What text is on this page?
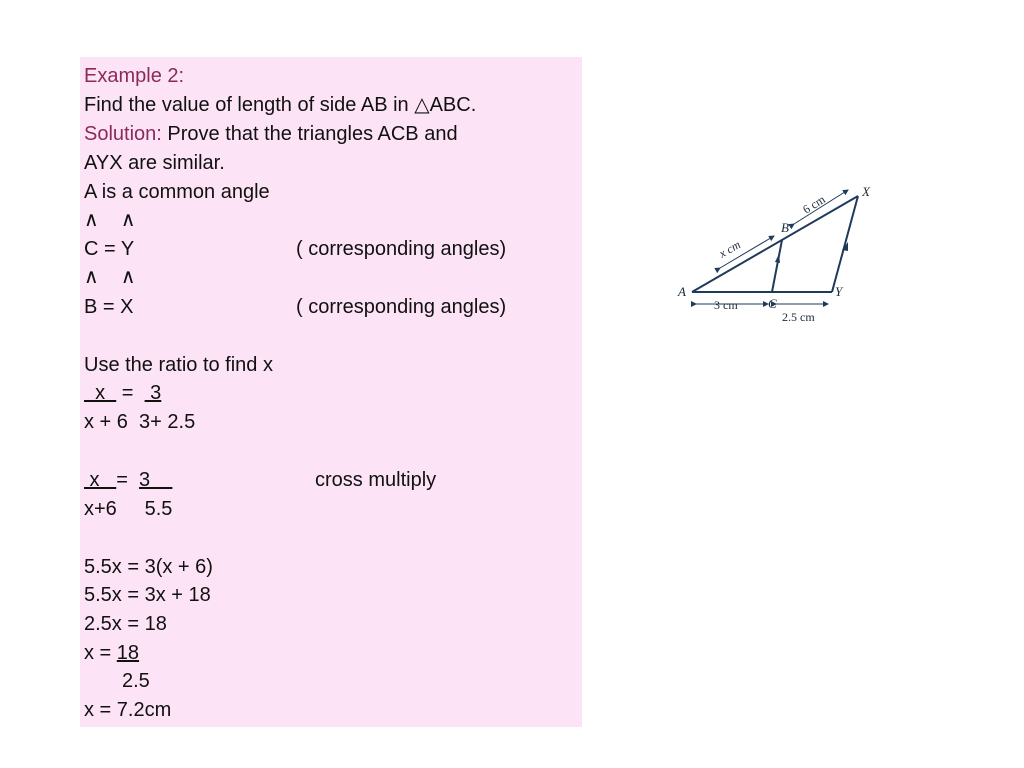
Example 2:
Find the value of length of side AB in △ABC.
Solution: Prove that the triangles ACB and
AYX are similar.
A is a common angle
∧    ∧
C = Y	( corresponding angles)
∧    ∧
B = X	( corresponding angles)
Use the ratio to find x
x   =   3
x + 6  3+ 2.5
x   =  3	cross multiply
x+6     5.5
5.5x = 3(x + 6)
5.5x = 3x + 18
2.5x = 18
x = 18
2.5
x = 7.2cm
A
B
C
X
Y
x cm
6 cm
3 cm
2.5 cm
